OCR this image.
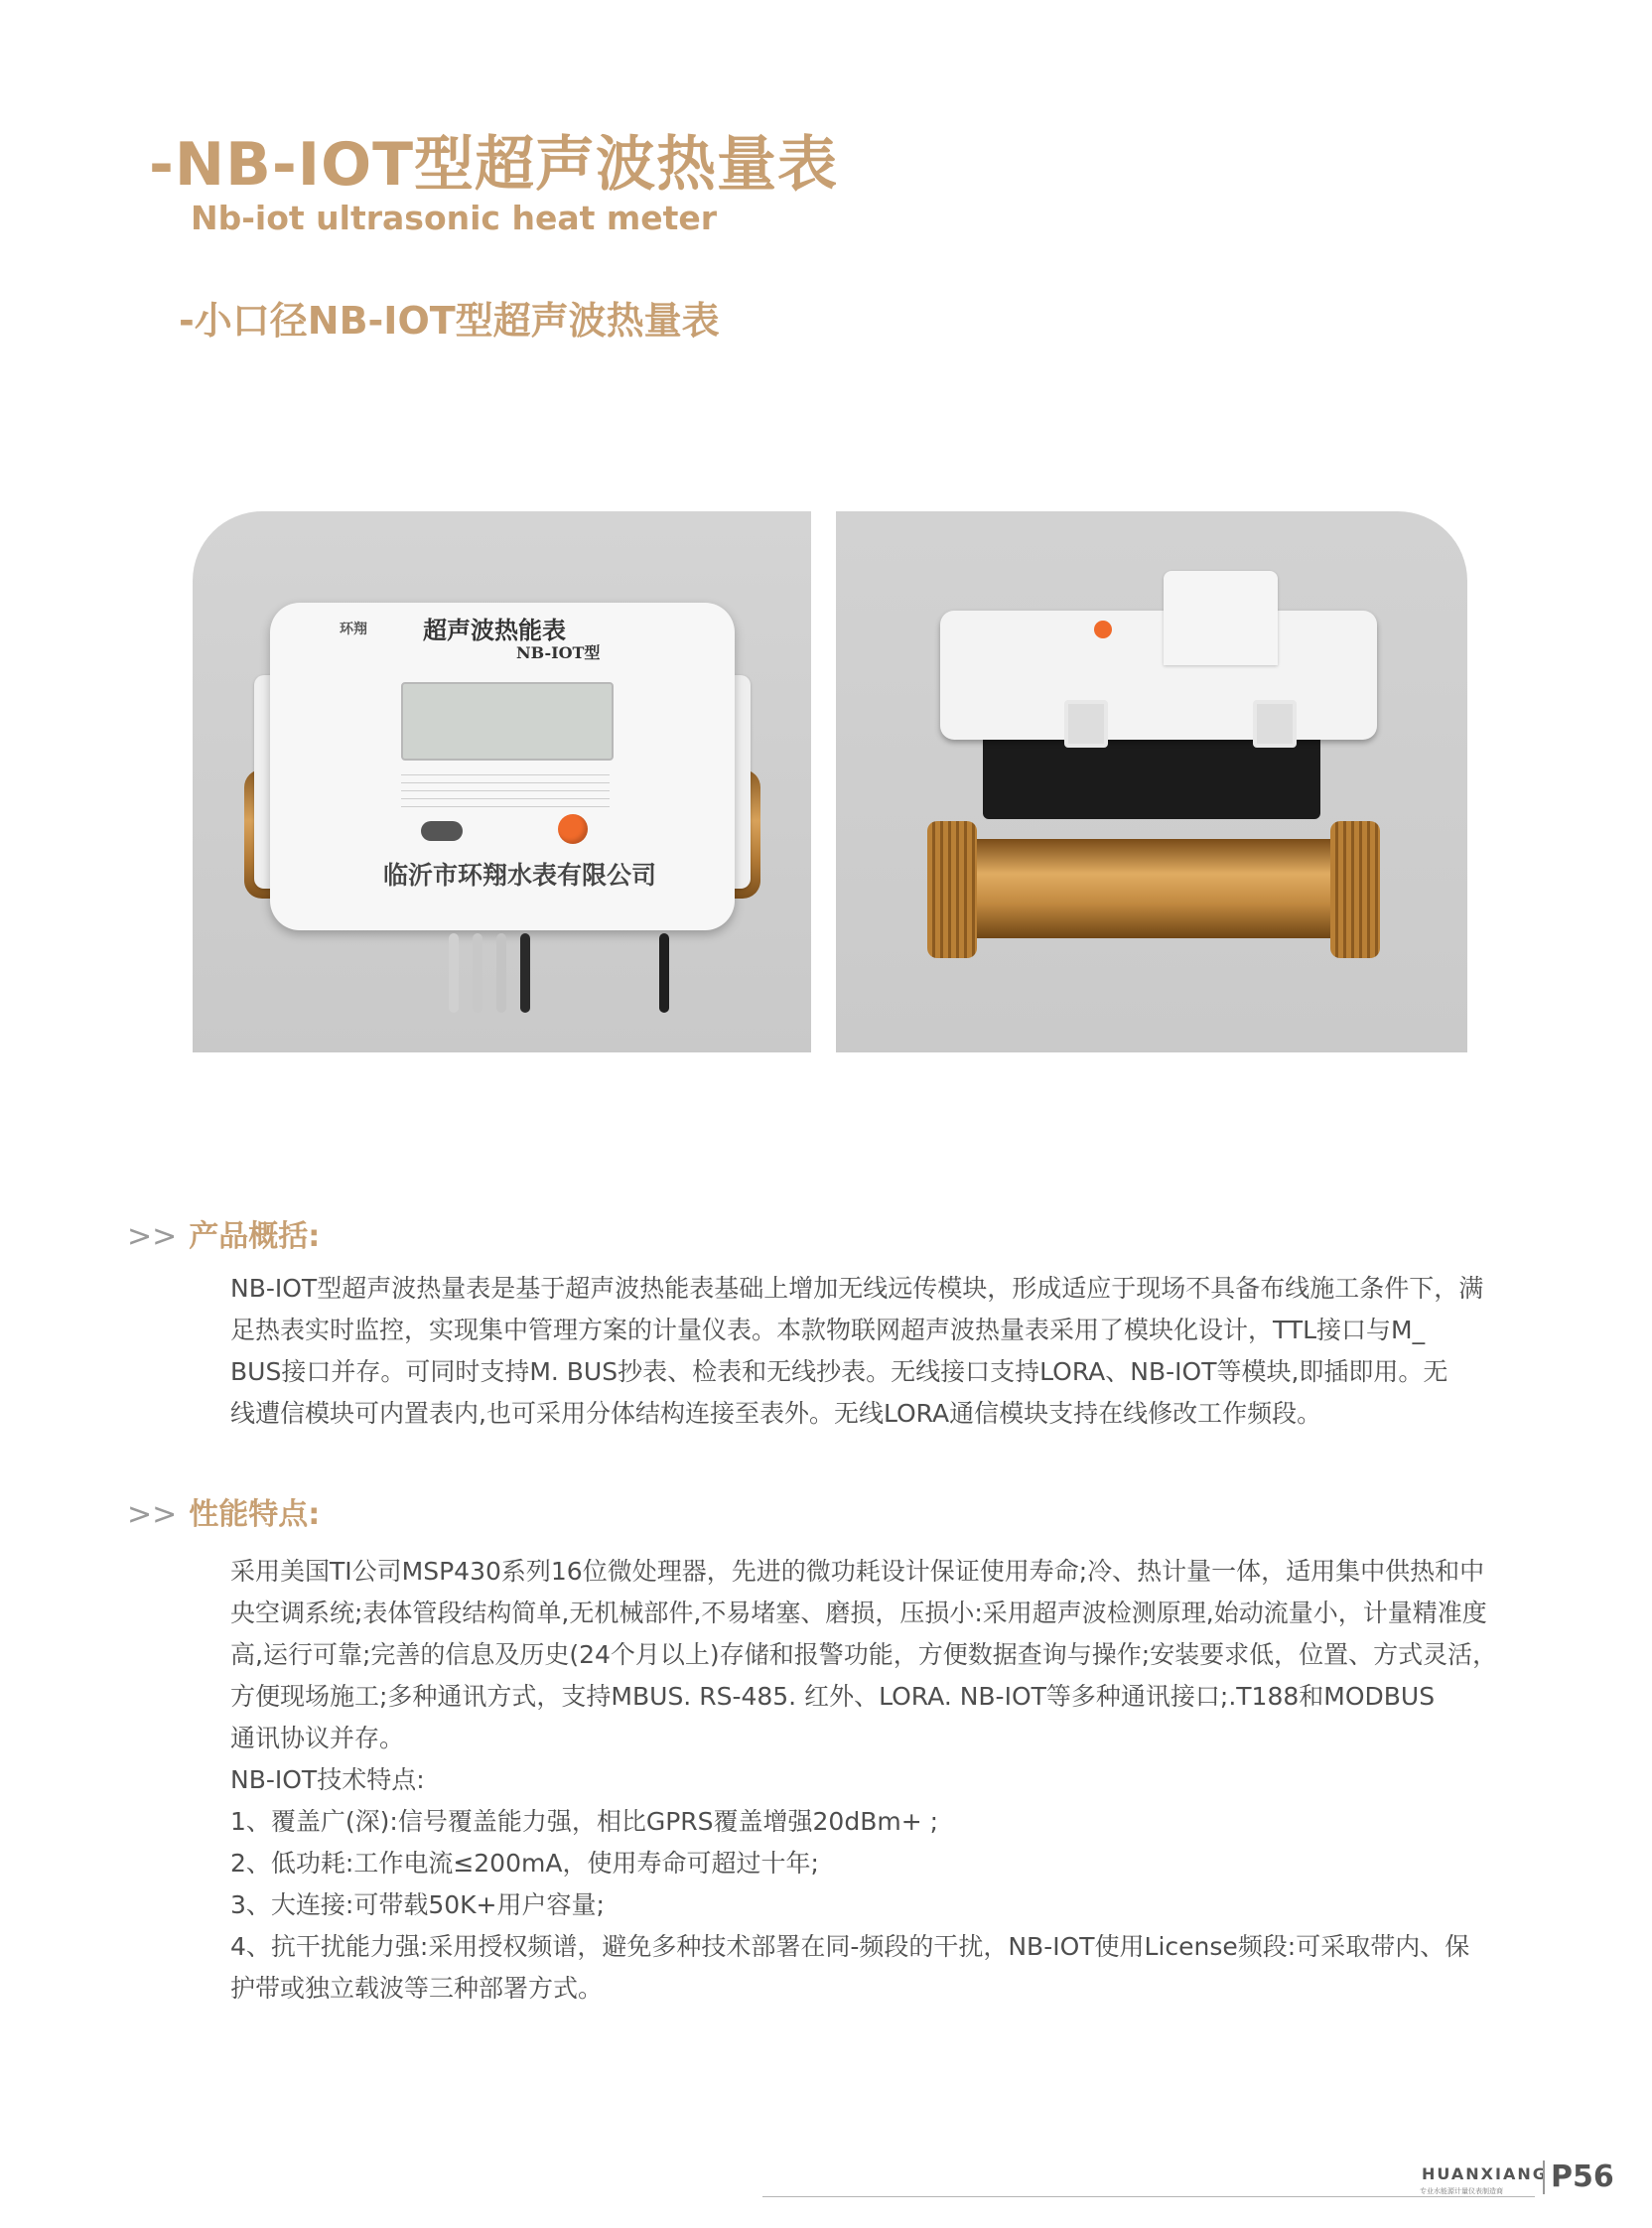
-NB-IOT型超声波热量表
Nb-iot ultrasonic heat meter
-小口径NB-IOT型超声波热量表
环翔 超声波热能表
NB-IOT型
临沂市环翔水表有限公司
>> 产品概括:

NB-IOT型超声波热量表是基于超声波热能表基础上增加无线远传模块，形成适应于现场不具备布线施工条件下，满

足热表实时监控，实现集中管理方案的计量仪表。本款物联网超声波热量表采用了模块化设计，TTL接口与M_

BUS接口并存。可同时支持M. BUS抄表、检表和无线抄表。无线接口支持LORA、NB-IOT等模块,即插即用。无

线遭信模块可内置表内,也可采用分体结构连接至表外。无线LORA通信模块支持在线修改工作频段。

>> 性能特点:

采用美国TI公司MSP430系列16位微处理器，先进的微功耗设计保证使用寿命;冷、热计量一体，适用集中供热和中

央空调系统;表体管段结构简单,无机械部件,不易堵塞、磨损，压损小:采用超声波检测原理,始动流量小，计量精准度

高,运行可靠;完善的信息及历史(24个月以上)存储和报警功能，方便数据查询与操作;安装要求低，位置、方式灵活，

方便现场施工;多种通讯方式，支持MBUS. RS-485. 红外、LORA. NB-IOT等多种通讯接口;.T188和MODBUS

通讯协议并存。

NB-IOT技术特点:

1、覆盖广(深):信号覆盖能力强，相比GPRS覆盖增强20dBm+ ;

2、低功耗:工作电流≤200mA，使用寿命可超过十年;

3、大连接:可带载50K+用户容量;

4、抗干扰能力强:采用授权频谱，避免多种技术部署在同-频段的干扰，NB-IOT使用License频段:可采取带内、保

护带或独立载波等三种部署方式。

HUANXIANG
专业水能源计量仪表制造商 P56
